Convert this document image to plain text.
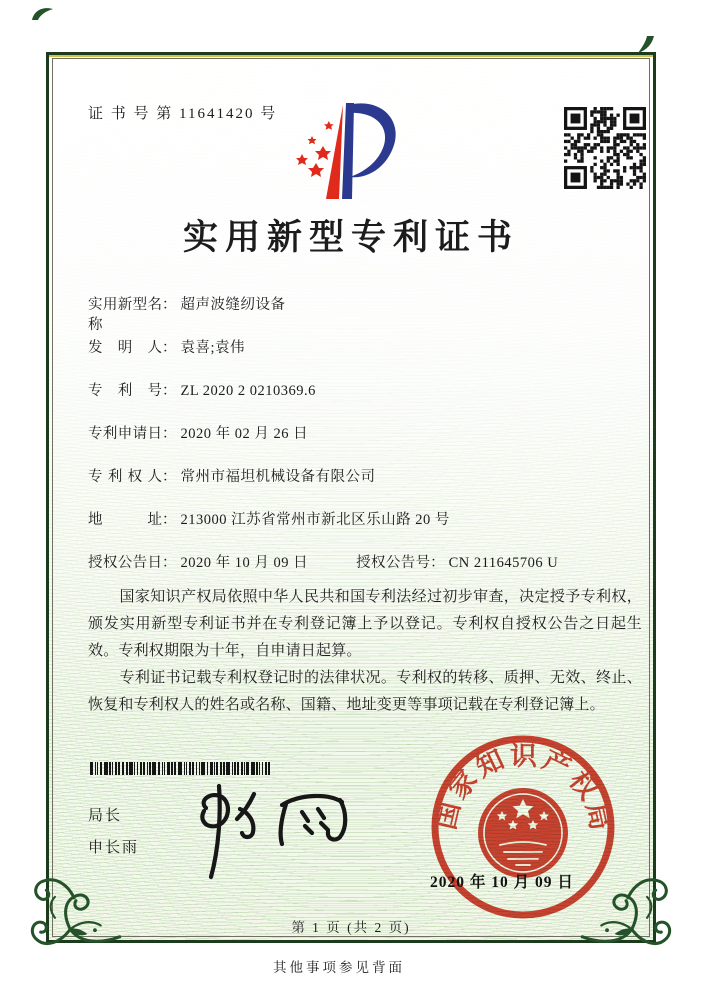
证 书 号 第 11641420 号
实用新型专利证书
实用新型名称
： 超声波缝纫设备
发明人 ： 袁喜;袁伟
专利号 ： ZL 2020 2 0210369.6
专利申请日 ： 2020 年 02 月 26 日
专利权人 ： 常州市福坦机械设备有限公司
地址 ： 213000 江苏省常州市新北区乐山路 20 号
授权公告日 ： 2020 年 10 月 09 日	授权公告号 ： CN 211645706 U

国家知识产权局依照中华人民共和国专利法经过初步审查，决定授予专利权，颁发实用新型专利证书并在专利登记簿上予以登记。专利权自授权公告之日起生效。专利权期限为十年，自申请日起算。

专利证书记载专利权登记时的法律状况。专利权的转移、质押、无效、终止、恢复和专利权人的姓名或名称、国籍、地址变更等事项记载在专利登记簿上。

局长
申长雨
国家知识产权局
2020 年 10 月 09 日
第 1 页 (共 2 页)
其他事项参见背面
